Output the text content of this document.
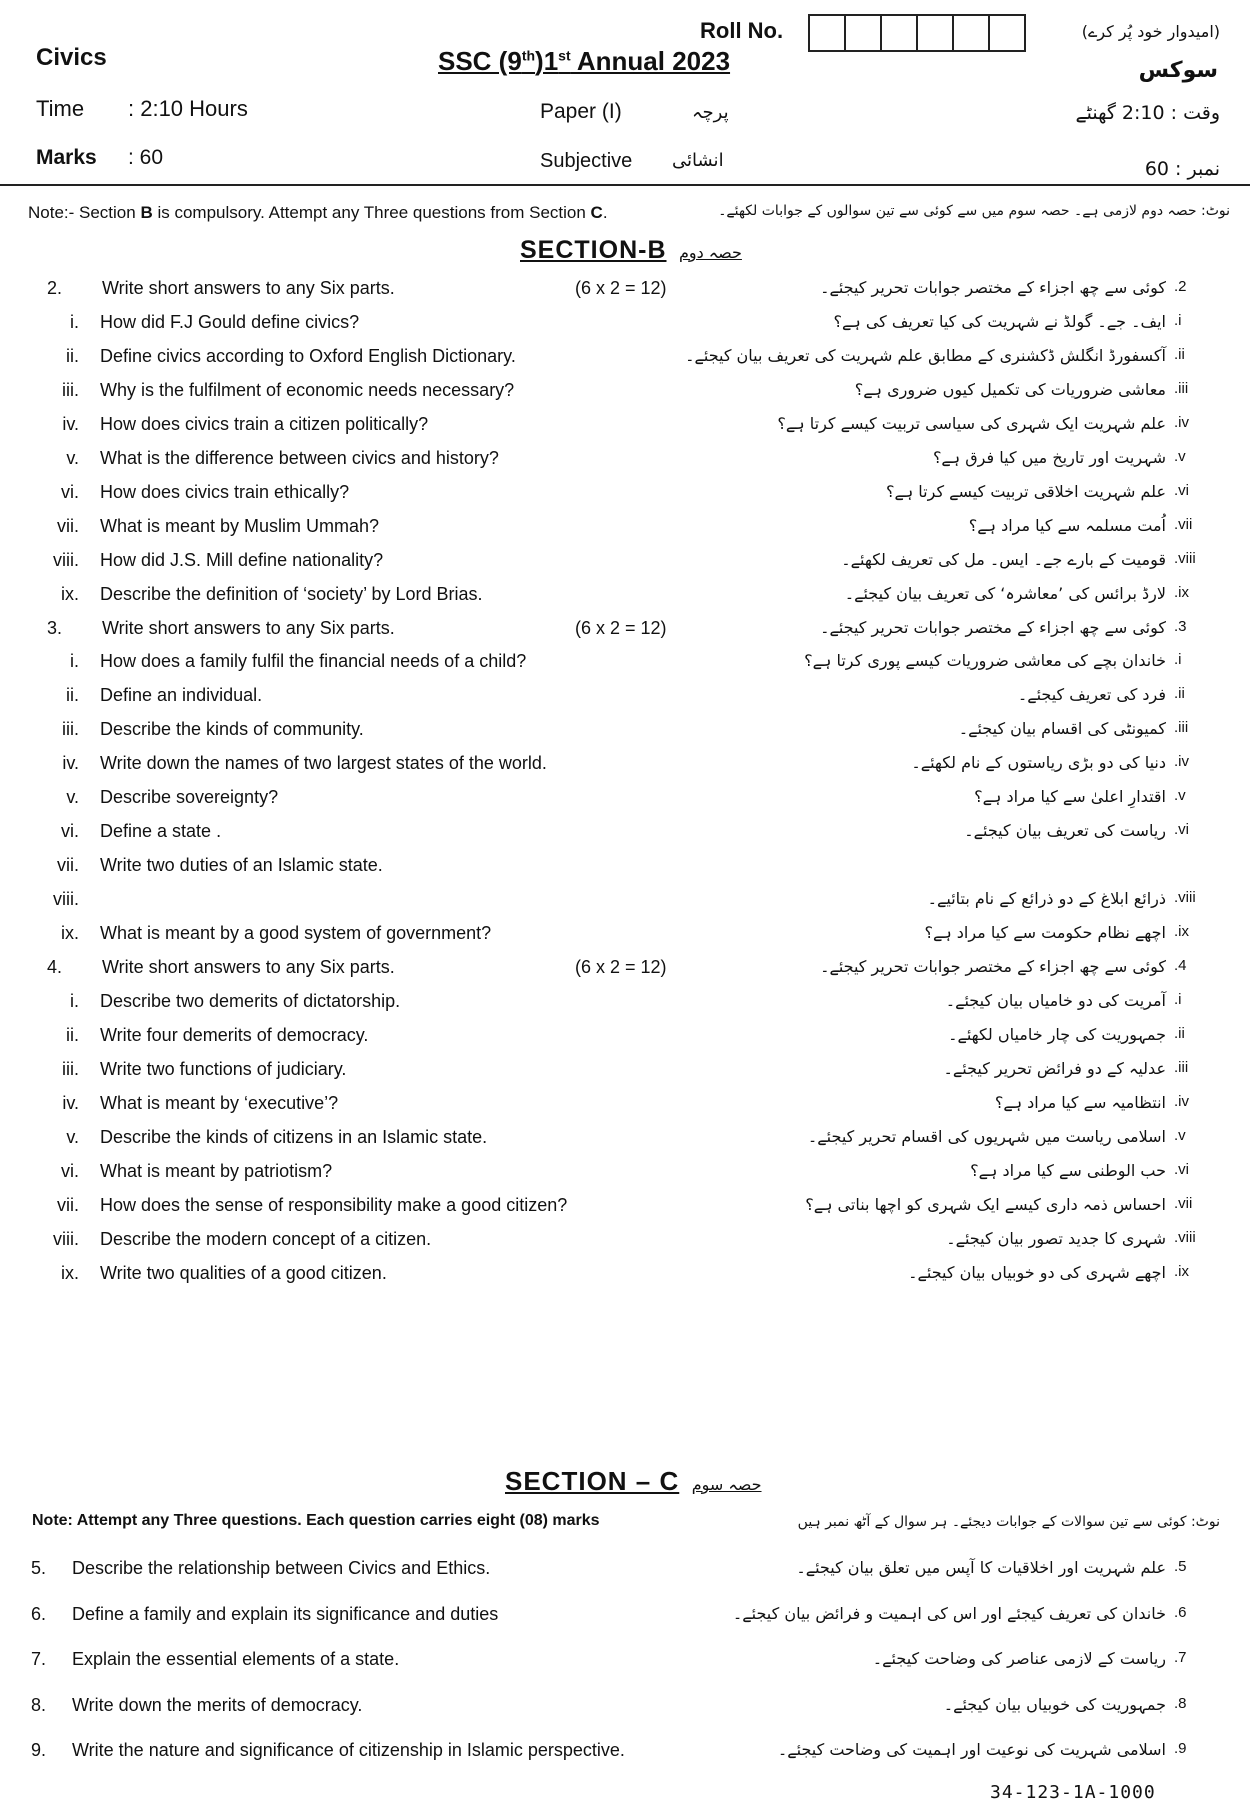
Roll No.	(امیدوار خود پُر کرے)
Civics	SSC (9th)1st Annual 2023	سوکس
Time : 2:10 Hours	Paper (I)	پرچہ	وقت : 2:10 گھنٹے
Marks : 60	Subjective انشائی	نمبر : 60
Note:- Section B is compulsory. Attempt any Three questions from Section C.	نوٹ: حصہ دوم لازمی ہے۔ حصہ سوم میں سے کوئی سے تین سوالوں کے جوابات لکھئے۔
SECTION-B حصہ دوم
2. Write short answers to any Six parts.	(6 x 2 = 12)	کوئی سے چھ اجزاء کے مختصر جوابات تحریر کیجئے۔ .2
i. How did F.J Gould define civics?	ایف۔ جے۔ گولڈ نے شہریت کی کیا تعریف کی ہے؟ .i
ii. Define civics according to Oxford English Dictionary.	آکسفورڈ انگلش ڈکشنری کے مطابق علم شہریت کی تعریف بیان کیجئے۔ .ii
iii. Why is the fulfilment of economic needs necessary?	معاشی ضروریات کی تکمیل کیوں ضروری ہے؟ .iii
iv. How does civics train a citizen politically?	علم شہریت ایک شہری کی سیاسی تربیت کیسے کرتا ہے؟ .iv
v. What is the difference between civics and history?	شہریت اور تاریخ میں کیا فرق ہے؟ .v
vi. How does civics train ethically?	علم شہریت اخلاقی تربیت کیسے کرتا ہے؟ .vi
vii. What is meant by Muslim Ummah?	اُمت مسلمہ سے کیا مراد ہے؟ .vii
viii. How did J.S. Mill define nationality?	قومیت کے بارے جے۔ ایس۔ مل کی تعریف لکھئے۔ .viii
ix. Describe the definition of ‘society’ by Lord Brias.	لارڈ برائس کی ’معاشرہ‘ کی تعریف بیان کیجئے۔ .ix
3. Write short answers to any Six parts.	(6 x 2 = 12)	کوئی سے چھ اجزاء کے مختصر جوابات تحریر کیجئے۔ .3
i. How does a family fulfil the financial needs of a child?	خاندان بچے کی معاشی ضروریات کیسے پوری کرتا ہے؟ .i
ii. Define an individual.	فرد کی تعریف کیجئے۔ .ii
iii. Describe the kinds of community.	کمیونٹی کی اقسام بیان کیجئے۔ .iii
iv. Write down the names of two largest states of the world.	دنیا کی دو بڑی ریاستوں کے نام لکھئے۔ .iv
v. Describe sovereignty?	اقتدارِ اعلیٰ سے کیا مراد ہے؟ .v
vi. Define a state .	ریاست کی تعریف بیان کیجئے۔ .vi
vii. Write two duties of an Islamic state.
viii.	ذرائع ابلاغ کے دو ذرائع کے نام بتائیے۔ .viii
ix. What is meant by a good system of government?	اچھے نظام حکومت سے کیا مراد ہے؟ .ix
4. Write short answers to any Six parts.	(6 x 2 = 12)	کوئی سے چھ اجزاء کے مختصر جوابات تحریر کیجئے۔ .4
i. Describe two demerits of dictatorship.	آمریت کی دو خامیاں بیان کیجئے۔ .i
ii. Write four demerits of democracy.	جمہوریت کی چار خامیاں لکھئے۔ .ii
iii. Write two functions of judiciary.	عدلیہ کے دو فرائض تحریر کیجئے۔ .iii
iv. What is meant by ‘executive’?	انتظامیہ سے کیا مراد ہے؟ .iv
v. Describe the kinds of citizens in an Islamic state.	اسلامی ریاست میں شہریوں کی اقسام تحریر کیجئے۔ .v
vi. What is meant by patriotism?	حب الوطنی سے کیا مراد ہے؟ .vi
vii. How does the sense of responsibility make a good citizen?	احساس ذمہ داری کیسے ایک شہری کو اچھا بناتی ہے؟ .vii
viii. Describe the modern concept of a citizen.	شہری کا جدید تصور بیان کیجئے۔ .viii
ix. Write two qualities of a good citizen.	اچھے شہری کی دو خوبیاں بیان کیجئے۔ .ix
SECTION – C حصہ سوم
Note: Attempt any Three questions. Each question carries eight (08) marks	نوٹ: کوئی سے تین سوالات کے جوابات دیجئے۔ ہر سوال کے آٹھ نمبر ہیں
5. Describe the relationship between Civics and Ethics.	علم شہریت اور اخلاقیات کا آپس میں تعلق بیان کیجئے۔ .5
6. Define a family and explain its significance and duties	خاندان کی تعریف کیجئے اور اس کی اہمیت و فرائض بیان کیجئے۔ .6
7. Explain the essential elements of a state.	ریاست کے لازمی عناصر کی وضاحت کیجئے۔ .7
8. Write down the merits of democracy.	جمہوریت کی خوبیاں بیان کیجئے۔ .8
9. Write the nature and significance of citizenship in Islamic perspective.	اسلامی شہریت کی نوعیت اور اہمیت کی وضاحت کیجئے۔ .9
34-123-1A-1000
